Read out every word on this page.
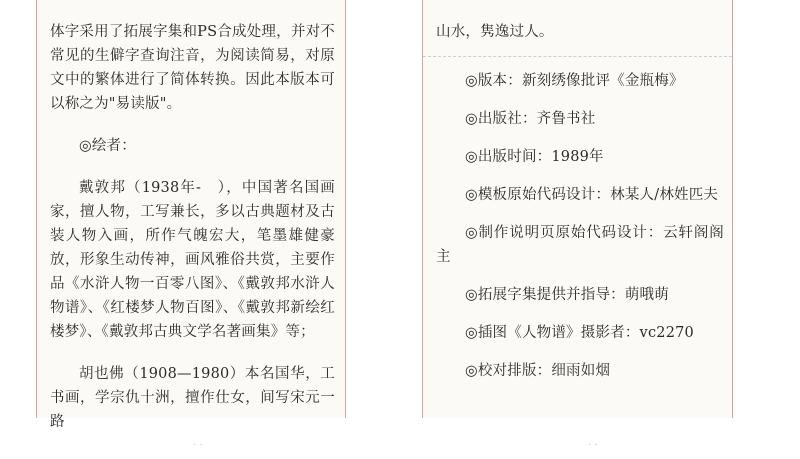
体字采用了拓展字集和PS合成处理，并对不常见的生僻字查询注音，为阅读简易，对原文中的繁体进行了简体转换。因此本版本可以称之为"易读版"。

◎绘者：

戴敦邦（1938年-　），中国著名国画家，擅人物，工写兼长，多以古典题材及古装人物入画，所作气魄宏大，笔墨雄健豪放，形象生动传神，画风雅俗共赏，主要作品《水浒人物一百零八图》、《戴敦邦水浒人物谱》、《红楼梦人物百图》、《戴敦邦新绘红楼梦》、《戴敦邦古典文学名著画集》等；

胡也佛（1908—1980）本名国华，工书画，学宗仇十洲，擅作仕女，间写宋元一路

山水，隽逸过人。

◎版本：新刻绣像批评《金瓶梅》

◎出版社：齐鲁书社

◎出版时间：1989年

◎模板原始代码设计：林某人/林姓匹夫

◎制作说明页原始代码设计：云轩阁阁主

◎拓展字集提供并指导：萌哦萌

◎插图《人物谱》摄影者：vc2270

◎校对排版：细雨如烟

· ·	· ·
